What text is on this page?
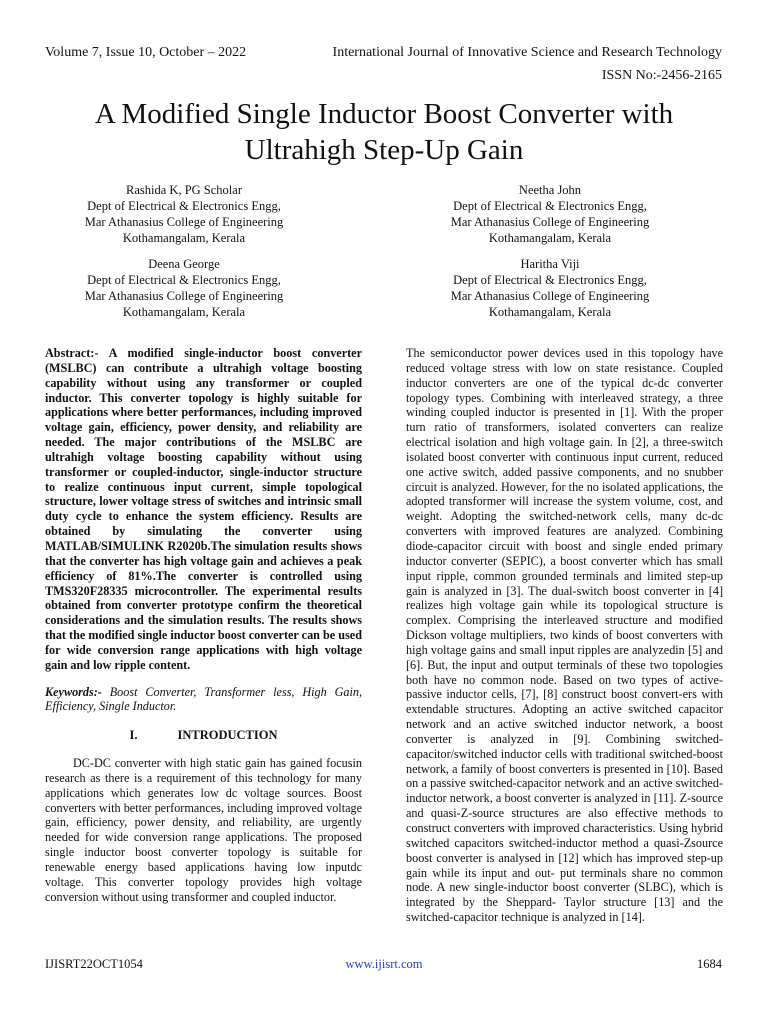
Volume 7, Issue 10, October – 2022	International Journal of Innovative Science and Research Technology
ISSN No:-2456-2165
A Modified Single Inductor Boost Converter with
Ultrahigh Step-Up Gain
Rashida K, PG Scholar
Dept of Electrical & Electronics Engg,
Mar Athanasius College of Engineering
Kothamangalam, Kerala
Neetha John
Dept of Electrical & Electronics Engg,
Mar Athanasius College of Engineering
Kothamangalam, Kerala
Deena George
Dept of Electrical & Electronics Engg,
Mar Athanasius College of Engineering
Kothamangalam, Kerala
Haritha Viji
Dept of Electrical & Electronics Engg,
Mar Athanasius College of Engineering
Kothamangalam, Kerala

Abstract:- A modified single-inductor boost converter (MSLBC) can contribute a ultrahigh voltage boosting capability without using any transformer or coupled inductor. This converter topology is highly suitable for applications where better performances, including improved voltage gain, efficiency, power density, and reliability are needed. The major contributions of the MSLBC are ultrahigh voltage boosting capability without using transformer or coupled-inductor, single-inductor structure to realize continuous input current, simple topological structure, lower voltage stress of switches and intrinsic small duty cycle to enhance the system efficiency. Results are obtained by simulating the converter using MATLAB/SIMULINK R2020b.The simulation results shows that the converter has high voltage gain and achieves a peak efficiency of 81%.The converter is controlled using TMS320F28335 microcontroller. The experimental results obtained from converter prototype confirm the theoretical considerations and the simulation results. The results shows that the modified single inductor boost converter can be used for wide conversion range applications with high voltage gain and low ripple content.

Keywords:- Boost Converter, Transformer less, High Gain, Efficiency, Single Inductor.

I.	INTRODUCTION

DC-DC converter with high static gain has gained focusin research as there is a requirement of this technology for many applications which generates low dc voltage sources. Boost converters with better performances, including improved voltage gain, efficiency, power density, and reliability, are urgently needed for wide conversion range applications. The proposed single inductor boost converter topology is suitable for renewable energy based applications having low inputdc voltage. This converter topology provides high voltage conversion without using transformer and coupled inductor.

The semiconductor power devices used in this topology have reduced voltage stress with low on state resistance. Coupled inductor converters are one of the typical dc-dc converter topology types. Combining with interleaved strategy, a three winding coupled inductor is presented in [1]. With the proper turn ratio of transformers, isolated converters can realize electrical isolation and high voltage gain. In [2], a three-switch isolated boost converter with continuous input current, reduced one active switch, added passive components, and no snubber circuit is analyzed. However, for the no isolated applications, the adopted transformer will increase the system volume, cost, and weight. Adopting the switched-network cells, many dc-dc converters with improved features are analyzed. Combining diode-capacitor circuit with boost and single ended primary inductor converter (SEPIC), a boost converter which has small input ripple, common grounded terminals and limited step-up gain is analyzed in [3]. The dual-switch boost converter in [4] realizes high voltage gain while its topological structure is complex. Comprising the interleaved structure and modified Dickson voltage multipliers, two kinds of boost converters with high voltage gains and small input ripples are analyzedin [5] and [6]. But, the input and output terminals of these two topologies both have no common node. Based on two types of active-passive inductor cells, [7], [8] construct boost convert-ers with extendable structures. Adopting an active switched capacitor network and an active switched inductor network, a boost converter is analyzed in [9]. Combining switched-capacitor/switched inductor cells with traditional switched-boost network, a family of boost converters is presented in [10]. Based on a passive switched-capacitor network and an active switched-inductor network, a boost converter is analyzed in [11]. Z-source and quasi-Z-source structures are also effective methods to construct converters with improved characteristics. Using hybrid switched capacitors switched-inductor method a quasi-Zsource boost converter is analysed in [12] which has improved step-up gain while its input and out- put terminals share no common node. A new single-inductor boost converter (SLBC), which is integrated by the Sheppard- Taylor structure [13] and the switched-capacitor technique is analyzed in [14].

IJISRT22OCT1054	www.ijisrt.com	1684
